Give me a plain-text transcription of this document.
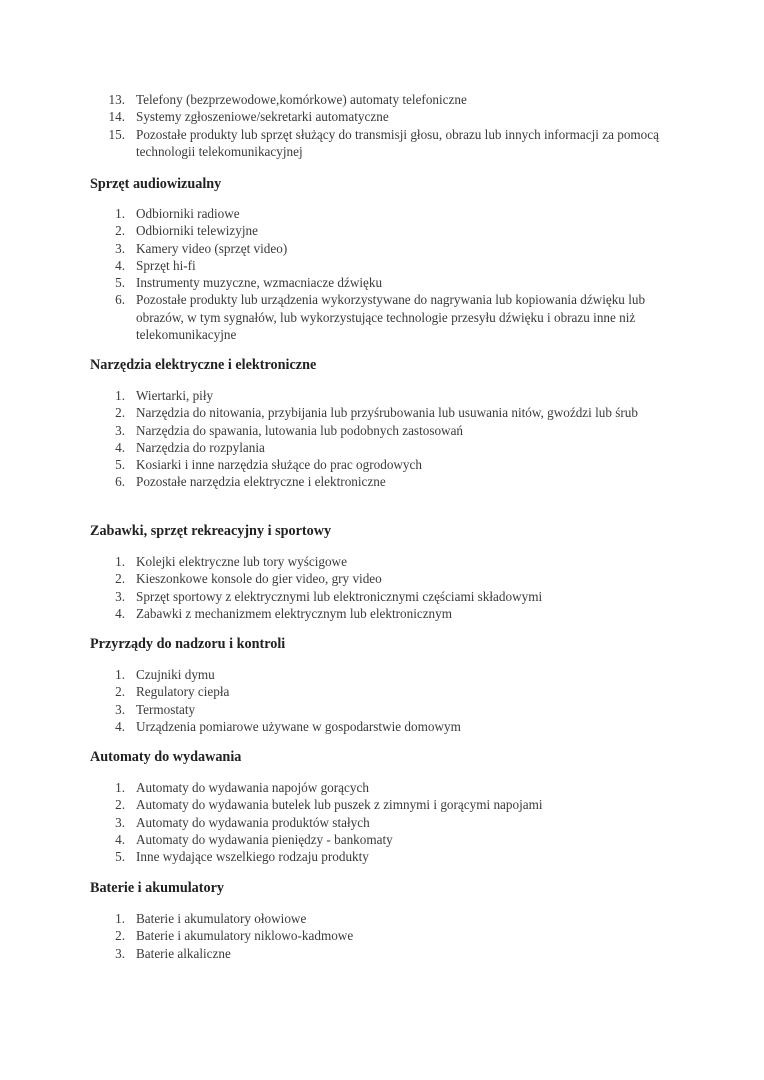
13. Telefony (bezprzewodowe,komórkowe) automaty telefoniczne
14. Systemy zgłoszeniowe/sekretarki automatyczne
15. Pozostałe produkty lub sprzęt służący do transmisji głosu, obrazu lub innych informacji za pomocą technologii telekomunikacyjnej
Sprzęt audiowizualny
1. Odbiorniki radiowe
2. Odbiorniki telewizyjne
3. Kamery video (sprzęt video)
4. Sprzęt hi-fi
5. Instrumenty muzyczne, wzmacniacze dźwięku
6. Pozostałe produkty lub urządzenia wykorzystywane do nagrywania lub kopiowania dźwięku lub obrazów, w tym sygnałów, lub wykorzystujące technologie przesyłu dźwięku i obrazu inne niż telekomunikacyjne
Narzędzia elektryczne i elektroniczne
1. Wiertarki, piły
2. Narzędzia do nitowania, przybijania lub przyśrubowania lub usuwania nitów, gwoździ lub śrub
3. Narzędzia do spawania, lutowania lub podobnych zastosowań
4. Narzędzia do rozpylania
5. Kosiarki i inne narzędzia służące do prac ogrodowych
6. Pozostałe narzędzia elektryczne i elektroniczne
Zabawki, sprzęt rekreacyjny i sportowy
1. Kolejki elektryczne lub tory wyścigowe
2. Kieszonkowe konsole do gier video, gry video
3. Sprzęt sportowy z elektrycznymi lub elektronicznymi częściami składowymi
4. Zabawki z mechanizmem elektrycznym lub elektronicznym
Przyrządy do nadzoru i kontroli
1. Czujniki dymu
2. Regulatory ciepła
3. Termostaty
4. Urządzenia pomiarowe używane w gospodarstwie domowym
Automaty do wydawania
1. Automaty do wydawania napojów gorących
2. Automaty do wydawania butelek lub puszek z zimnymi i gorącymi napojami
3. Automaty do wydawania produktów stałych
4. Automaty do wydawania pieniędzy - bankomaty
5. Inne wydające wszelkiego rodzaju produkty
Baterie i akumulatory
1. Baterie i akumulatory ołowiowe
2. Baterie i akumulatory niklowo-kadmowe
3. Baterie alkaliczne
